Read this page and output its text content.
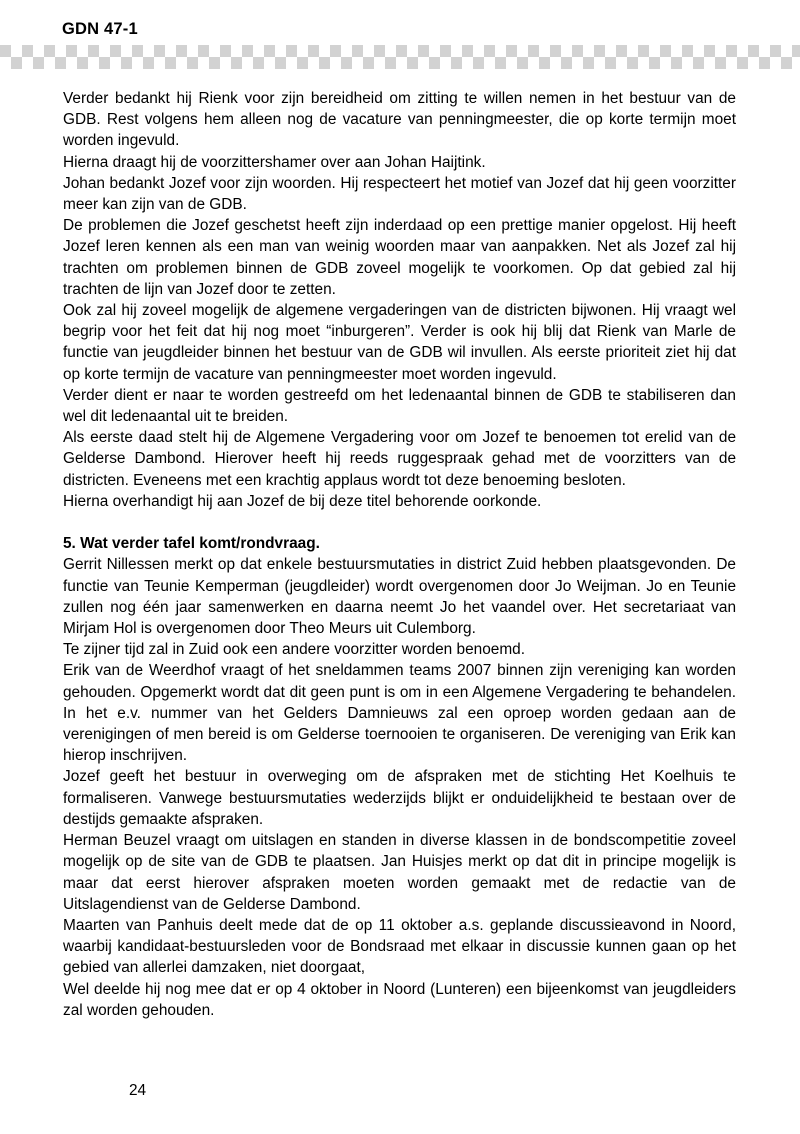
GDN 47-1

Verder bedankt hij Rienk voor zijn bereidheid om zitting te willen nemen in het bestuur van de GDB. Rest volgens hem alleen nog de vacature van penningmeester, die op korte termijn moet worden ingevuld.

Hierna draagt hij de voorzittershamer over aan Johan Haijtink.

Johan bedankt Jozef voor zijn woorden. Hij respecteert het motief van Jozef dat hij geen voorzitter meer kan zijn van de GDB.

De problemen die Jozef geschetst heeft zijn inderdaad op een prettige manier opgelost. Hij heeft Jozef leren kennen als een man van weinig woorden maar van aanpakken. Net als Jozef zal hij trachten om problemen binnen de GDB zoveel mogelijk te voorkomen. Op dat gebied zal hij trachten de lijn van Jozef door te zetten.

Ook zal hij zoveel mogelijk de algemene vergaderingen van de districten bijwonen. Hij vraagt wel begrip voor het feit dat hij nog moet “inburgeren”. Verder is ook hij blij dat Rienk van Marle de functie van jeugdleider binnen het bestuur van de GDB wil invullen. Als eerste prioriteit ziet hij dat op korte termijn de vacature van penningmeester moet worden ingevuld.

Verder dient er naar te worden gestreefd om het ledenaantal binnen de GDB te stabiliseren dan wel dit ledenaantal uit te breiden.

Als eerste daad stelt hij de Algemene Vergadering voor om Jozef te benoemen tot erelid van de Gelderse Dambond. Hierover heeft hij reeds ruggespraak gehad met de voorzitters van de districten. Eveneens met een krachtig applaus wordt tot deze benoeming besloten.

Hierna overhandigt hij aan Jozef de bij deze titel behorende oorkonde.

5. Wat verder tafel komt/rondvraag.

Gerrit Nillessen merkt op dat enkele bestuursmutaties in district Zuid hebben plaatsgevonden. De functie van Teunie Kemperman (jeugdleider) wordt overgenomen door Jo Weijman. Jo en Teunie zullen nog één jaar samenwerken en daarna neemt Jo het vaandel over. Het secretariaat van Mirjam Hol is overgenomen door Theo Meurs uit Culemborg.

Te zijner tijd zal in Zuid ook een andere voorzitter worden benoemd.

Erik van de Weerdhof vraagt of het sneldammen teams 2007 binnen zijn vereniging kan worden gehouden. Opgemerkt wordt dat dit geen punt is om in een Algemene Vergadering te behandelen. In het e.v. nummer van het Gelders Damnieuws zal een oproep worden gedaan aan de verenigingen of men bereid is om Gelderse toernooien te organiseren. De vereniging van Erik kan hierop inschrijven.

Jozef geeft het bestuur in overweging om de afspraken met de stichting Het Koelhuis te formaliseren. Vanwege bestuursmutaties wederzijds blijkt er onduidelijkheid te bestaan over de destijds gemaakte afspraken.

Herman Beuzel vraagt om uitslagen en standen in diverse klassen in de bondscompetitie zoveel mogelijk op de site van de GDB te plaatsen. Jan Huisjes merkt op dat dit in principe mogelijk is maar dat eerst hierover afspraken moeten worden gemaakt met de redactie van de Uitslagendienst van de Gelderse Dambond.

Maarten van Panhuis deelt mede dat de op 11 oktober a.s. geplande discussieavond in Noord, waarbij kandidaat-bestuursleden voor de Bondsraad met elkaar in discussie kunnen gaan op het gebied van allerlei damzaken, niet doorgaat,

Wel deelde hij nog mee dat er op 4 oktober in Noord (Lunteren) een bijeenkomst van jeugdleiders zal worden gehouden.

24
